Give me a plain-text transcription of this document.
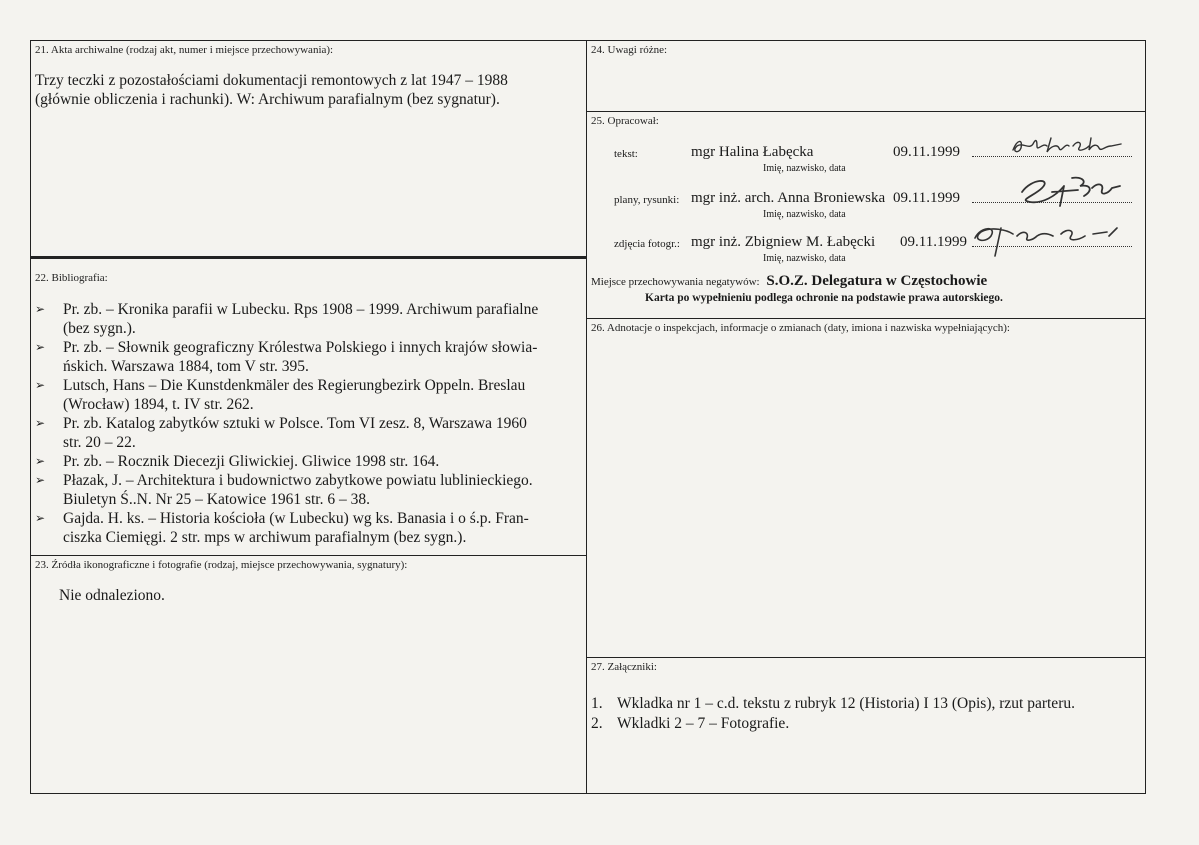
21. Akta archiwalne (rodzaj akt, numer i miejsce przechowywania):
Trzy teczki z pozostałościami dokumentacji remontowych z lat 1947 – 1988
(głównie obliczenia i rachunki). W: Archiwum parafialnym (bez sygnatur).
22. Bibliografia:
➢ Pr. zb. – Kronika parafii w Lubecku. Rps 1908 – 1999. Archiwum parafialne
(bez sygn.).
➢ Pr. zb. – Słownik geograficzny Królestwa Polskiego i innych krajów słowia-
ńskich. Warszawa 1884, tom V str. 395.
➢ Lutsch, Hans – Die Kunstdenkmäler des Regierungbezirk Oppeln. Breslau
(Wrocław) 1894, t. IV str. 262.
➢ Pr. zb. Katalog zabytków sztuki w Polsce. Tom VI zesz. 8, Warszawa 1960
str. 20 – 22.
➢ Pr. zb. – Rocznik Diecezji Gliwickiej. Gliwice 1998 str. 164.
➢ Płazak, J. – Architektura i budownictwo zabytkowe powiatu lublinieckiego.
Biuletyn Ś..N. Nr 25 – Katowice 1961 str. 6 – 38.
➢ Gajda. H. ks. – Historia kościoła (w Lubecku) wg ks. Banasia i o ś.p. Fran-
ciszka Ciemięgi. 2 str. mps w archiwum parafialnym (bez sygn.).
23. Źródła ikonograficzne i fotografie (rodzaj, miejsce przechowywania, sygnatury):
Nie odnaleziono.
24. Uwagi różne:
25. Opracował:
tekst:	mgr Halina Łabęcka	09.11.1999
Imię, nazwisko, data
plany, rysunki: mgr inż. arch. Anna Broniewska 09.11.1999
Imię, nazwisko, data
zdjęcia fotogr.: mgr inż. Zbigniew M. Łabęcki 09.11.1999
Imię, nazwisko, data
Miejsce przechowywania negatywów: S.O.Z. Delegatura w Częstochowie
Karta po wypełnieniu podlega ochronie na podstawie prawa autorskiego.
26. Adnotacje o inspekcjach, informacje o zmianach (daty, imiona i nazwiska wypełniających):
27. Załączniki:
1. Wkladka nr 1 – c.d. tekstu z rubryk 12 (Historia) I 13 (Opis), rzut parteru.
2. Wkladki 2 – 7 – Fotografie.
